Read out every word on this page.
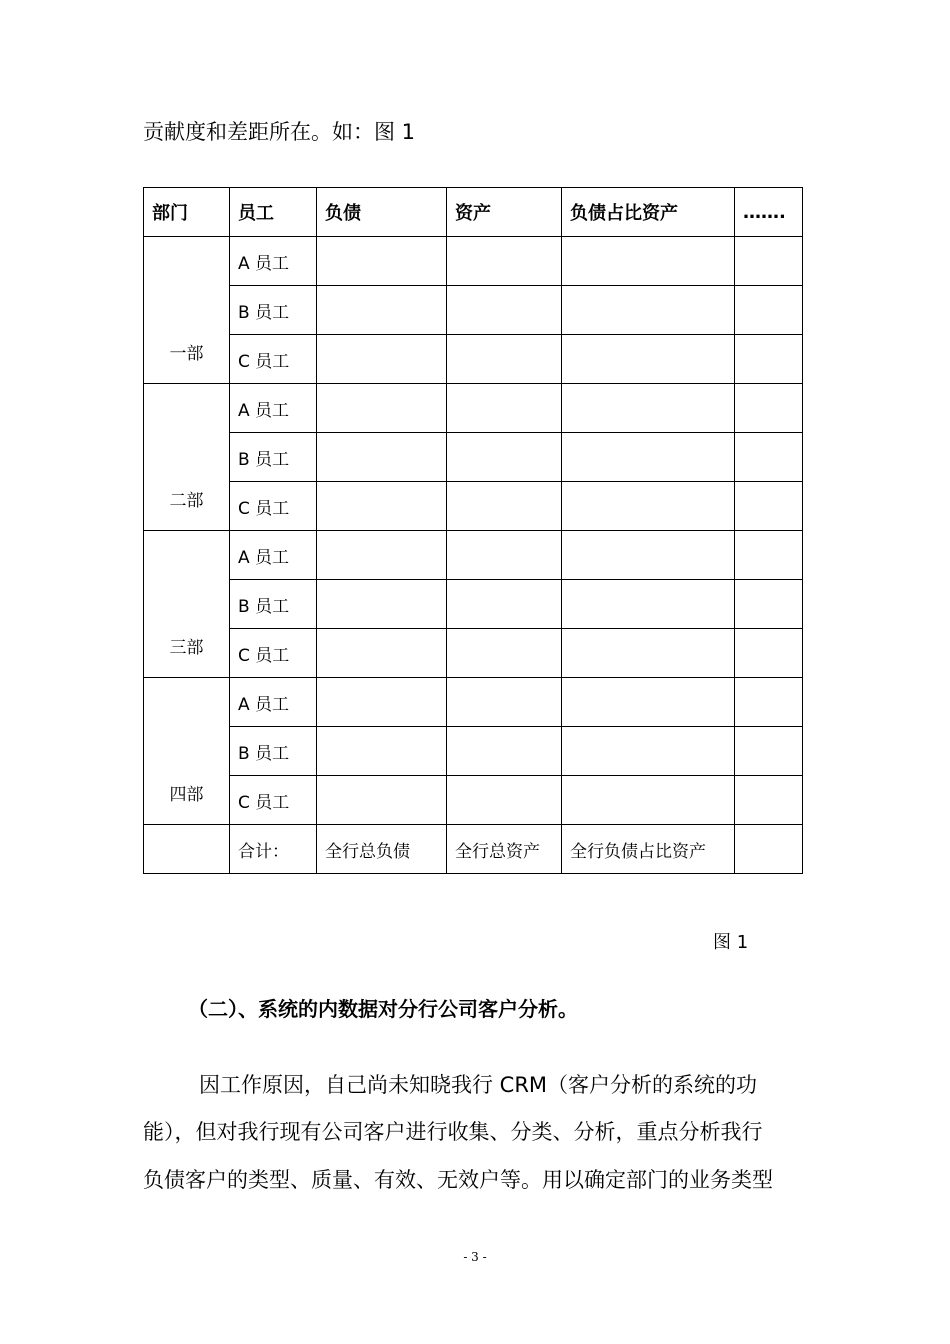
贡献度和差距所在。如：图 1
部门	员工	负债	资产	负债占比资产	…….
一部	A 员工				
	B 员工				
	C 员工				
二部	A 员工				
	B 员工				
	C 员工				
三部	A 员工				
	B 员工				
	C 员工				
四部	A 员工				
	B 员工				
	C 员工				
	合计：	全行总负债	全行总资产	全行负债占比资产	
图 1
（二）、系统的内数据对分行公司客户分析。
因工作原因，自己尚未知晓我行 CRM（客户分析的系统的功
能），但对我行现有公司客户进行收集、分类、分析，重点分析我行
负债客户的类型、质量、有效、无效户等。用以确定部门的业务类型
- 3 -
